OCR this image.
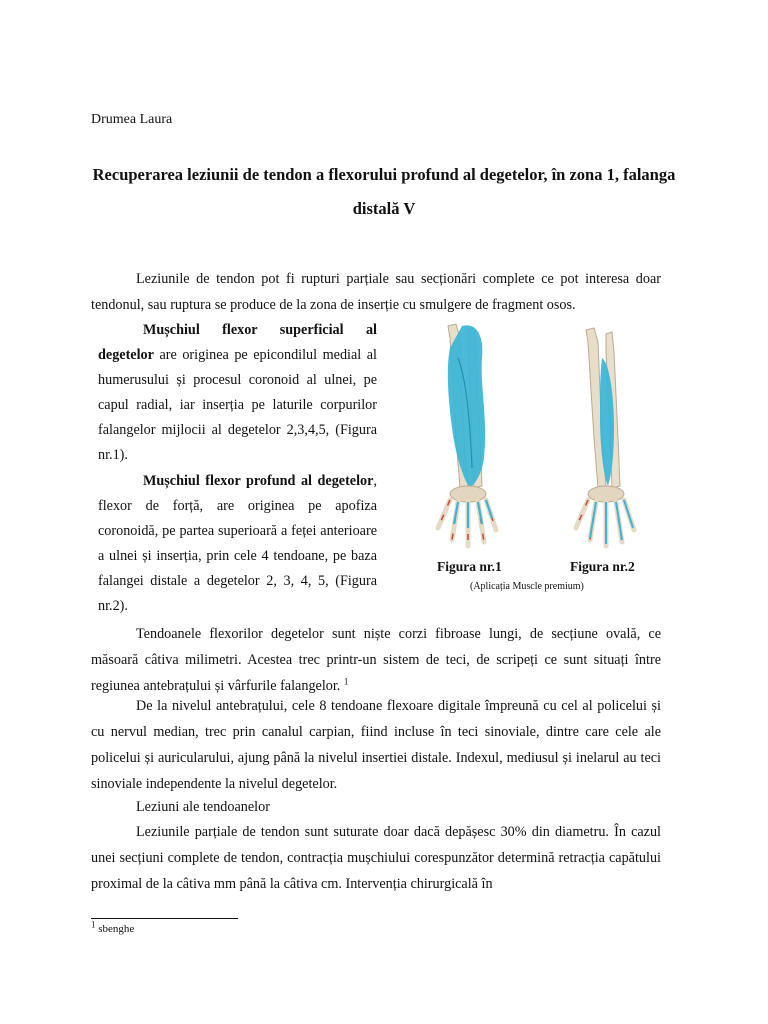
Drumea Laura
Recuperarea leziunii de tendon a flexorului profund al degetelor, în zona 1, falanga distală V

Leziunile de tendon pot fi rupturi parțiale sau secționări complete ce pot interesa doar tendonul, sau ruptura se produce de la zona de inserție cu smulgere de fragment osos.

Mușchiul flexor superficial al degetelor are originea pe epicondilul medial al humerusului și procesul coronoid al ulnei, pe capul radial, iar inserția pe laturile corpurilor falangelor mijlocii al degetelor 2,3,4,5, (Figura nr.1).

Mușchiul flexor profund al degetelor, flexor de forță, are originea pe apofiza coronoidă, pe partea superioară a feței anterioare a ulnei și inserția, prin cele 4 tendoane, pe baza falangei distale a degetelor 2, 3, 4, 5, (Figura nr.2).

Figura nr.1	Figura nr.2
(Aplicația Muscle premium)

Tendoanele flexorilor degetelor sunt niște corzi fibroase lungi, de secțiune ovală, ce măsoară câtiva milimetri. Acestea trec printr-un sistem de teci, de scripeți ce sunt situați între regiunea antebrațului și vârfurile falangelor. $^1$

De la nivelul antebrațului, cele 8 tendoane flexoare digitale împreună cu cel al policelui și cu nervul median, trec prin canalul carpian, fiind incluse în teci sinoviale, dintre care cele ale policelui și auricularului, ajung până la nivelul insertiei distale. Indexul, mediusul și inelarul au teci sinoviale independente la nivelul degetelor.

Leziuni ale tendoanelor

Leziunile parțiale de tendon sunt suturate doar dacă depășesc 30% din diametru. În cazul unei secțiuni complete de tendon, contracția mușchiului corespunzător determină retracția capătului proximal de la câtiva mm până la câtiva cm. Intervenția chirurgicală în

$^1$ sbenghe
